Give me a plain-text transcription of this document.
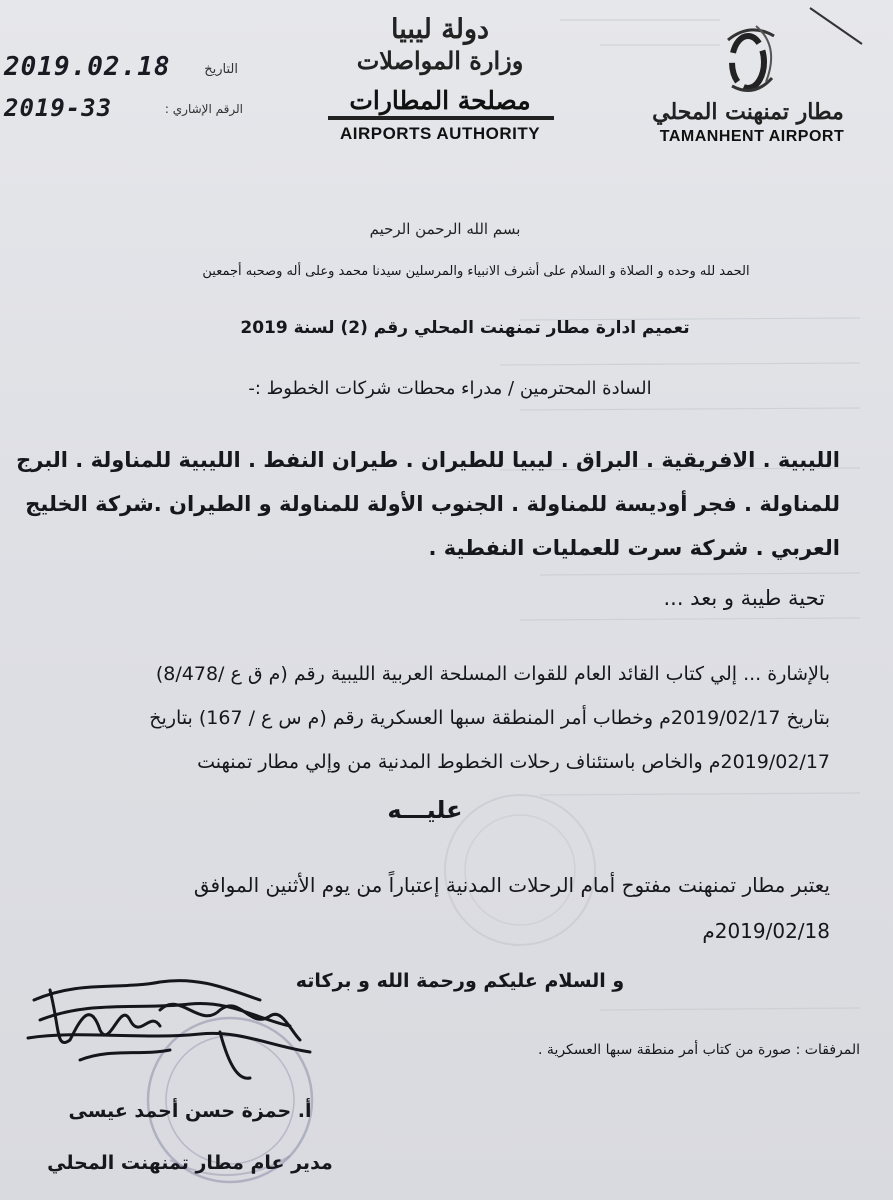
2019.02.18	التاريخ
2019-33	الرقم الإشاري :
دولة ليبيا
وزارة المواصلات
مصلحة المطارات
AIRPORTS AUTHORITY
مطار تمنهنت المحلي
TAMANHENT AIRPORT
بسم الله الرحمن الرحيم
الحمد لله وحده و الصلاة و السلام على أشرف الانبياء والمرسلين سيدنا محمد وعلى أله وصحبه أجمعين
تعميم ادارة مطار تمنهنت المحلي رقم (2) لسنة 2019
السادة المحترمين / مدراء محطات شركات الخطوط :-
الليبية . الافريقية . البراق . ليبيا للطيران . طيران النفط . الليبية للمناولة . البرج
للمناولة . فجر أوديسة للمناولة . الجنوب الأولة للمناولة و الطيران .شركة الخليج
العربي . شركة سرت للعمليات النفطية .
تحية طيبة و بعد ...
بالإشارة ... إلي كتاب القائد العام للقوات المسلحة العربية الليبية رقم (م ق ع /8/478)
بتاريخ 2019/02/17م وخطاب أمر المنطقة سبها العسكرية رقم (م س ع / 167) بتاريخ
2019/02/17م والخاص باستئناف رحلات الخطوط المدنية من وإلي مطار تمنهنت
عليـــه
يعتبر مطار تمنهنت مفتوح أمام الرحلات المدنية إعتباراً من يوم الأثنين الموافق
2019/02/18م
و السلام عليكم ورحمة الله و بركاته
المرفقات : صورة من كتاب أمر منطقة سبها العسكرية .
أ. حمزة حسن أحمد عيسى
مدير عام مطار تمنهنت المحلي
